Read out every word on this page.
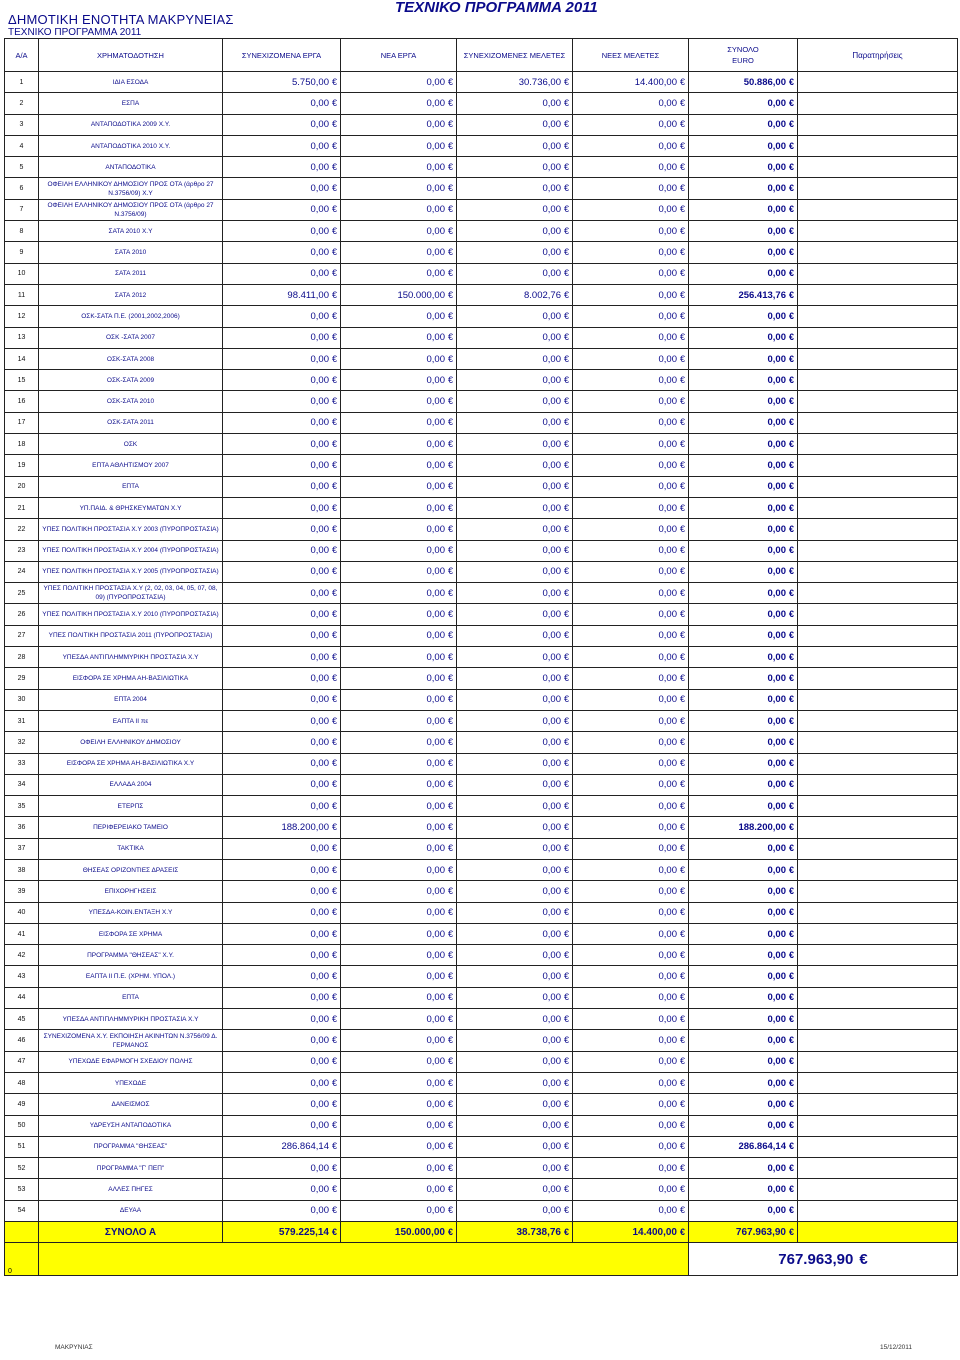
ΔΗΜΟΤΙΚΗ ΕΝΟΤΗΤΑ ΜΑΚΡΥΝΕΙΑΣ
ΤΕΧΝΙΚΟ ΠΡΟΓΡΑΜΜΑ 2011
ΤΕΧΝΙΚΟ ΠΡΟΓΡΑΜΜΑ 2011
Α/Α	ΧΡΗΜΑΤΟΔΟΤΗΣΗ	ΣΥΝΕΧΙΖΟΜΕΝΑ ΕΡΓΑ	ΝΕΑ ΕΡΓΑ	ΣΥΝΕΧΙΖΟΜΕΝΕΣ ΜΕΛΕΤΕΣ	ΝΕΕΣ ΜΕΛΕΤΕΣ	ΣΥΝΟΛΟ
EURO	Παρατηρήσεις
1	ΙΔΙΑ ΕΣΟΔΑ	5.750,00 €	0,00 €	30.736,00 €	14.400,00 €	50.886,00 €	
2	ΕΣΠΑ	0,00 €	0,00 €	0,00 €	0,00 €	0,00 €	
3	ΑΝΤΑΠΟΔΟΤΙΚΑ 2009 Χ.Υ.	0,00 €	0,00 €	0,00 €	0,00 €	0,00 €	
4	ΑΝΤΑΠΟΔΟΤΙΚΑ 2010 Χ.Υ.	0,00 €	0,00 €	0,00 €	0,00 €	0,00 €	
5	ΑΝΤΑΠΟΔΟΤΙΚΑ	0,00 €	0,00 €	0,00 €	0,00 €	0,00 €	
6	ΟΦΕΙΛΗ ΕΛΛΗΝΙΚΟΥ ΔΗΜΟΣΙΟΥ ΠΡΟΣ ΟΤΑ (άρθρο 27 Ν.3756/09) Χ.Υ	0,00 €	0,00 €	0,00 €	0,00 €	0,00 €	
7	ΟΦΕΙΛΗ ΕΛΛΗΝΙΚΟΥ ΔΗΜΟΣΙΟΥ ΠΡΟΣ ΟΤΑ (άρθρο 27 Ν.3756/09)	0,00 €	0,00 €	0,00 €	0,00 €	0,00 €	
8	ΣΑΤΑ 2010 Χ.Υ	0,00 €	0,00 €	0,00 €	0,00 €	0,00 €	
9	ΣΑΤΑ 2010	0,00 €	0,00 €	0,00 €	0,00 €	0,00 €	
10	ΣΑΤΑ 2011	0,00 €	0,00 €	0,00 €	0,00 €	0,00 €	
11	ΣΑΤΑ 2012	98.411,00 €	150.000,00 €	8.002,76 €	0,00 €	256.413,76 €	
12	ΟΣΚ-ΣΑΤΑ Π.Ε. (2001,2002,2006)	0,00 €	0,00 €	0,00 €	0,00 €	0,00 €	
13	ΟΣΚ -ΣΑΤΑ 2007	0,00 €	0,00 €	0,00 €	0,00 €	0,00 €	
14	ΟΣΚ-ΣΑΤΑ 2008	0,00 €	0,00 €	0,00 €	0,00 €	0,00 €	
15	ΟΣΚ-ΣΑΤΑ 2009	0,00 €	0,00 €	0,00 €	0,00 €	0,00 €	
16	ΟΣΚ-ΣΑΤΑ 2010	0,00 €	0,00 €	0,00 €	0,00 €	0,00 €	
17	ΟΣΚ-ΣΑΤΑ 2011	0,00 €	0,00 €	0,00 €	0,00 €	0,00 €	
18	ΟΣΚ	0,00 €	0,00 €	0,00 €	0,00 €	0,00 €	
19	ΕΠΤΑ ΑΘΛΗΤΙΣΜΟΥ 2007	0,00 €	0,00 €	0,00 €	0,00 €	0,00 €	
20	ΕΠΤΑ	0,00 €	0,00 €	0,00 €	0,00 €	0,00 €	
21	ΥΠ.ΠΑΙΔ. & ΘΡΗΣΚΕΥΜΑΤΩΝ Χ.Υ	0,00 €	0,00 €	0,00 €	0,00 €	0,00 €	
22	ΥΠΕΣ ΠΟΛΙΤΙΚΗ ΠΡΟΣΤΑΣΙΑ Χ.Υ 2003 (ΠΥΡΟΠΡΟΣΤΑΣΙΑ)	0,00 €	0,00 €	0,00 €	0,00 €	0,00 €	
23	ΥΠΕΣ ΠΟΛΙΤΙΚΗ ΠΡΟΣΤΑΣΙΑ Χ.Υ 2004 (ΠΥΡΟΠΡΟΣΤΑΣΙΑ)	0,00 €	0,00 €	0,00 €	0,00 €	0,00 €	
24	ΥΠΕΣ ΠΟΛΙΤΙΚΗ ΠΡΟΣΤΑΣΙΑ Χ.Υ 2005 (ΠΥΡΟΠΡΟΣΤΑΣΙΑ)	0,00 €	0,00 €	0,00 €	0,00 €	0,00 €	
25	ΥΠΕΣ ΠΟΛΙΤΙΚΗ ΠΡΟΣΤΑΣΙΑ Χ.Υ (2, 02, 03, 04, 05, 07, 08, 09) (ΠΥΡΟΠΡΟΣΤΑΣΙΑ)	0,00 €	0,00 €	0,00 €	0,00 €	0,00 €	
26	ΥΠΕΣ ΠΟΛΙΤΙΚΗ ΠΡΟΣΤΑΣΙΑ Χ.Υ 2010 (ΠΥΡΟΠΡΟΣΤΑΣΙΑ)	0,00 €	0,00 €	0,00 €	0,00 €	0,00 €	
27	ΥΠΕΣ ΠΟΛΙΤΙΚΗ ΠΡΟΣΤΑΣΙΑ 2011 (ΠΥΡΟΠΡΟΣΤΑΣΙΑ)	0,00 €	0,00 €	0,00 €	0,00 €	0,00 €	
28	ΥΠΕΣΔΑ ΑΝΤΙΠΛΗΜΜΥΡΙΚΗ ΠΡΟΣΤΑΣΙΑ Χ.Υ	0,00 €	0,00 €	0,00 €	0,00 €	0,00 €	
29	ΕΙΣΦΟΡΑ ΣΕ ΧΡΗΜΑ ΑΗ-ΒΑΣΙΛΙΩΤΙΚΑ	0,00 €	0,00 €	0,00 €	0,00 €	0,00 €	
30	ΕΠΤΑ 2004	0,00 €	0,00 €	0,00 €	0,00 €	0,00 €	
31	ΕΑΠΤΑ ΙΙ πε	0,00 €	0,00 €	0,00 €	0,00 €	0,00 €	
32	ΟΦΕΙΛΗ ΕΛΛΗΝΙΚΟΥ ΔΗΜΟΣΙΟΥ	0,00 €	0,00 €	0,00 €	0,00 €	0,00 €	
33	ΕΙΣΦΟΡΑ ΣΕ ΧΡΗΜΑ ΑΗ-ΒΑΣΙΛΙΩΤΙΚΑ Χ.Υ	0,00 €	0,00 €	0,00 €	0,00 €	0,00 €	
34	ΕΛΛΑΔΑ 2004	0,00 €	0,00 €	0,00 €	0,00 €	0,00 €	
35	ΕΤΕΡΠΣ	0,00 €	0,00 €	0,00 €	0,00 €	0,00 €	
36	ΠΕΡΙΦΕΡΕΙΑΚΟ ΤΑΜΕΙΟ	188.200,00 €	0,00 €	0,00 €	0,00 €	188.200,00 €	
37	ΤΑΚΤΙΚΑ	0,00 €	0,00 €	0,00 €	0,00 €	0,00 €	
38	ΘΗΣΕΑΣ ΟΡΙΖΟΝΤΙΕΣ ΔΡΑΣΕΙΣ	0,00 €	0,00 €	0,00 €	0,00 €	0,00 €	
39	ΕΠΙΧΟΡΗΓΗΣΕΙΣ	0,00 €	0,00 €	0,00 €	0,00 €	0,00 €	
40	ΥΠΕΣΔΑ-ΚΟΙΝ.ΕΝΤΑΞΗ Χ.Υ	0,00 €	0,00 €	0,00 €	0,00 €	0,00 €	
41	ΕΙΣΦΟΡΑ ΣΕ ΧΡΗΜΑ	0,00 €	0,00 €	0,00 €	0,00 €	0,00 €	
42	ΠΡΟΓΡΑΜΜΑ "ΘΗΣΕΑΣ" Χ.Υ.	0,00 €	0,00 €	0,00 €	0,00 €	0,00 €	
43	ΕΑΠΤΑ ΙΙ Π.Ε. (ΧΡΗΜ. ΥΠΟΛ.)	0,00 €	0,00 €	0,00 €	0,00 €	0,00 €	
44	ΕΠΤΑ	0,00 €	0,00 €	0,00 €	0,00 €	0,00 €	
45	ΥΠΕΣΔΑ ΑΝΤΙΠΛΗΜΜΥΡΙΚΗ ΠΡΟΣΤΑΣΙΑ Χ.Υ	0,00 €	0,00 €	0,00 €	0,00 €	0,00 €	
46	ΣΥΝΕΧΙΖΟΜΕΝΑ Χ.Υ. ΕΚΠΟΙΗΣΗ ΑΚΙΝΗΤΩΝ Ν.3756/09 Δ. ΓΕΡΜΑΝΟΣ	0,00 €	0,00 €	0,00 €	0,00 €	0,00 €	
47	ΥΠΕΧΩΔΕ ΕΦΑΡΜΟΓΗ ΣΧΕΔΙΟΥ ΠΟΛΗΣ	0,00 €	0,00 €	0,00 €	0,00 €	0,00 €	
48	ΥΠΕΧΩΔΕ	0,00 €	0,00 €	0,00 €	0,00 €	0,00 €	
49	ΔΑΝΕΙΣΜΟΣ	0,00 €	0,00 €	0,00 €	0,00 €	0,00 €	
50	ΥΔΡΕΥΣΗ ΑΝΤΑΠΟΔΟΤΙΚΑ	0,00 €	0,00 €	0,00 €	0,00 €	0,00 €	
51	ΠΡΟΓΡΑΜΜΑ "ΘΗΣΕΑΣ"	286.864,14 €	0,00 €	0,00 €	0,00 €	286.864,14 €	
52	ΠΡΟΓΡΑΜΜΑ "Γ' ΠΕΠ"	0,00 €	0,00 €	0,00 €	0,00 €	0,00 €	
53	ΑΛΛΕΣ ΠΗΓΕΣ	0,00 €	0,00 €	0,00 €	0,00 €	0,00 €	
54	ΔΕΥΑΑ	0,00 €	0,00 €	0,00 €	0,00 €	0,00 €	
	ΣΥΝΟΛΟ Α	579.225,14 €	150.000,00 €	38.738,76 €	14.400,00 €	767.963,90 €	
0						767.963,90 €	
ΜΑΚΡΥΝΙΑΣ	15/12/2011
